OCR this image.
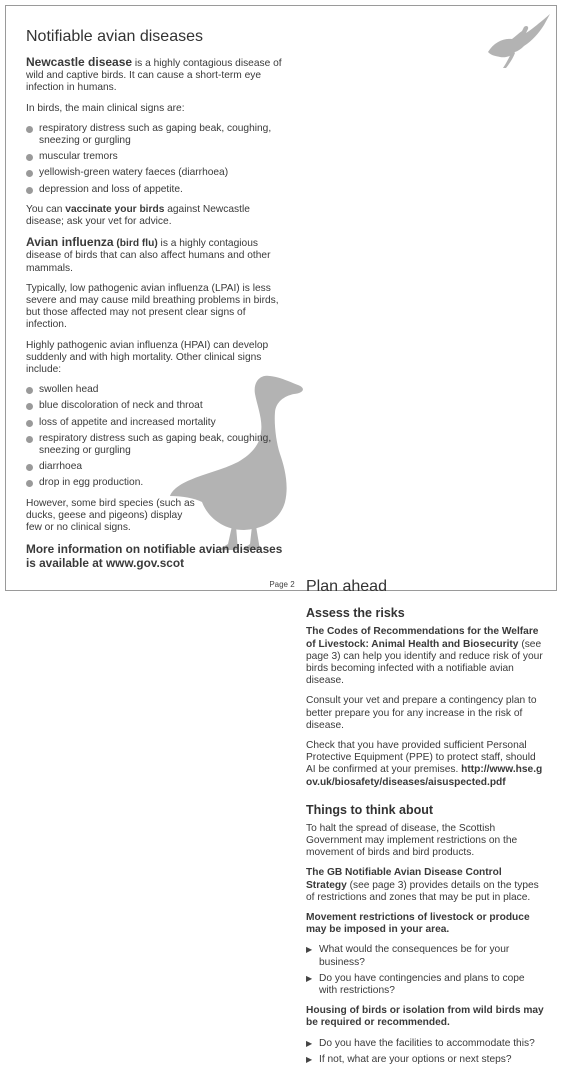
Notifiable avian diseases

Newcastle disease is a highly contagious disease of wild and captive birds. It can cause a short-term eye infection in humans.

In birds, the main clinical signs are:

respiratory distress such as gaping beak, coughing, sneezing or gurgling
muscular tremors
yellowish-green watery faeces (diarrhoea)
depression and loss of appetite.

You can vaccinate your birds against Newcastle disease; ask your vet for advice.

Avian influenza (bird flu) is a highly contagious disease of birds that can also affect humans and other mammals.

Typically, low pathogenic avian influenza (LPAI) is less severe and may cause mild breathing problems in birds, but those affected may not present clear signs of infection.

Highly pathogenic avian influenza (HPAI) can develop suddenly and with high mortality. Other clinical signs include:

swollen head
blue discoloration of neck and throat
loss of appetite and increased mortality
respiratory distress such as gaping beak, coughing, sneezing or gurgling
diarrhoea
drop in egg production.

However, some bird species (such as ducks, geese and pigeons) display few or no clinical signs.

More information on notifiable avian diseases is available at www.gov.scot

Plan ahead
Assess the risks

The Codes of Recommendations for the Welfare of Livestock: Animal Health and Biosecurity (see page 3) can help you identify and reduce risk of your birds becoming infected with a notifiable avian disease.

Consult your vet and prepare a contingency plan to better prepare you for any increase in the risk of disease.

Check that you have provided sufficient Personal Protective Equipment (PPE) to protect staff, should AI be confirmed at your premises. http://www.hse.gov.uk/biosafety/diseases/aisuspected.pdf

Things to think about

To halt the spread of disease, the Scottish Government may implement restrictions on the movement of birds and bird products.

The GB Notifiable Avian Disease Control Strategy (see page 3) provides details on the types of restrictions and zones that may be put in place.

Movement restrictions of livestock or produce may be imposed in your area.

▶ What would the consequences be for your business?
▶ Do you have contingencies and plans to cope with restrictions?

Housing of birds or isolation from wild birds may be required or recommended.

▶ Do you have the facilities to accommodate this?
▶ If not, what are your options or next steps?
Page 2
